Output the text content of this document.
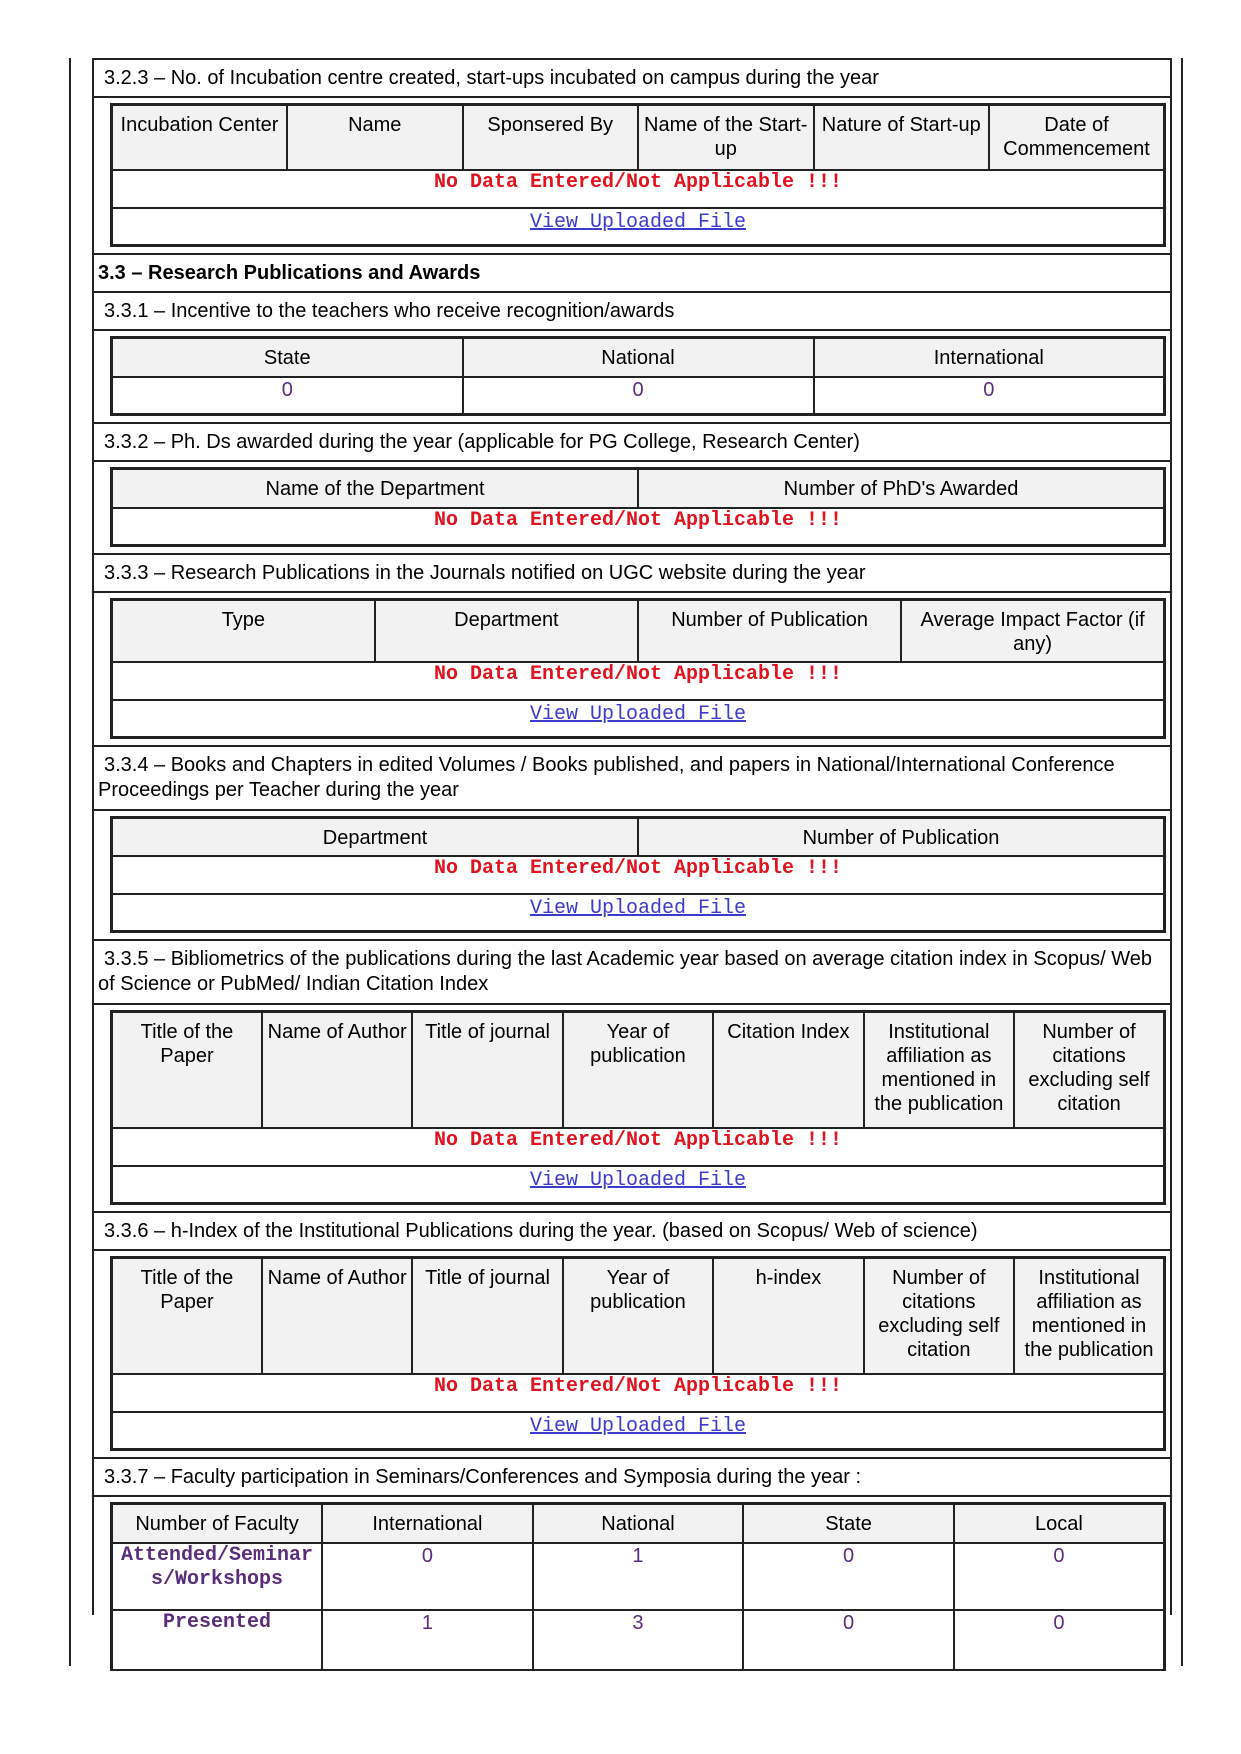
3.2.3 – No. of Incubation centre created, start-ups incubated on campus during the year
Incubation Center	Name	Sponsered By	Name of the Start-up	Nature of Start-up	Date of Commencement
No Data Entered/Not Applicable !!!
View Uploaded File
3.3 – Research Publications and Awards
3.3.1 – Incentive to the teachers who receive recognition/awards
State	National	International
0	0	0
3.3.2 – Ph. Ds awarded during the year (applicable for PG College, Research Center)
Name of the Department	Number of PhD's Awarded
No Data Entered/Not Applicable !!!
3.3.3 – Research Publications in the Journals notified on UGC website during the year
Type	Department	Number of Publication	Average Impact Factor (if any)
No Data Entered/Not Applicable !!!
View Uploaded File
3.3.4 – Books and Chapters in edited Volumes / Books published, and papers in National/International Conference Proceedings per Teacher during the year
Department	Number of Publication
No Data Entered/Not Applicable !!!
View Uploaded File
3.3.5 – Bibliometrics of the publications during the last Academic year based on average citation index in Scopus/ Web of Science or PubMed/ Indian Citation Index
Title of the Paper	Name of Author	Title of journal	Year of publication	Citation Index	Institutional affiliation as mentioned in the publication	Number of citations excluding self citation
No Data Entered/Not Applicable !!!
View Uploaded File
3.3.6 – h-Index of the Institutional Publications during the year. (based on Scopus/ Web of science)
Title of the Paper	Name of Author	Title of journal	Year of publication	h-index	Number of citations excluding self citation	Institutional affiliation as mentioned in the publication
No Data Entered/Not Applicable !!!
View Uploaded File
3.3.7 – Faculty participation in Seminars/Conferences and Symposia during the year :
Number of Faculty	International	National	State	Local
Attended/Seminars/Workshops	0	1	0	0
Presented	1	3	0	0
